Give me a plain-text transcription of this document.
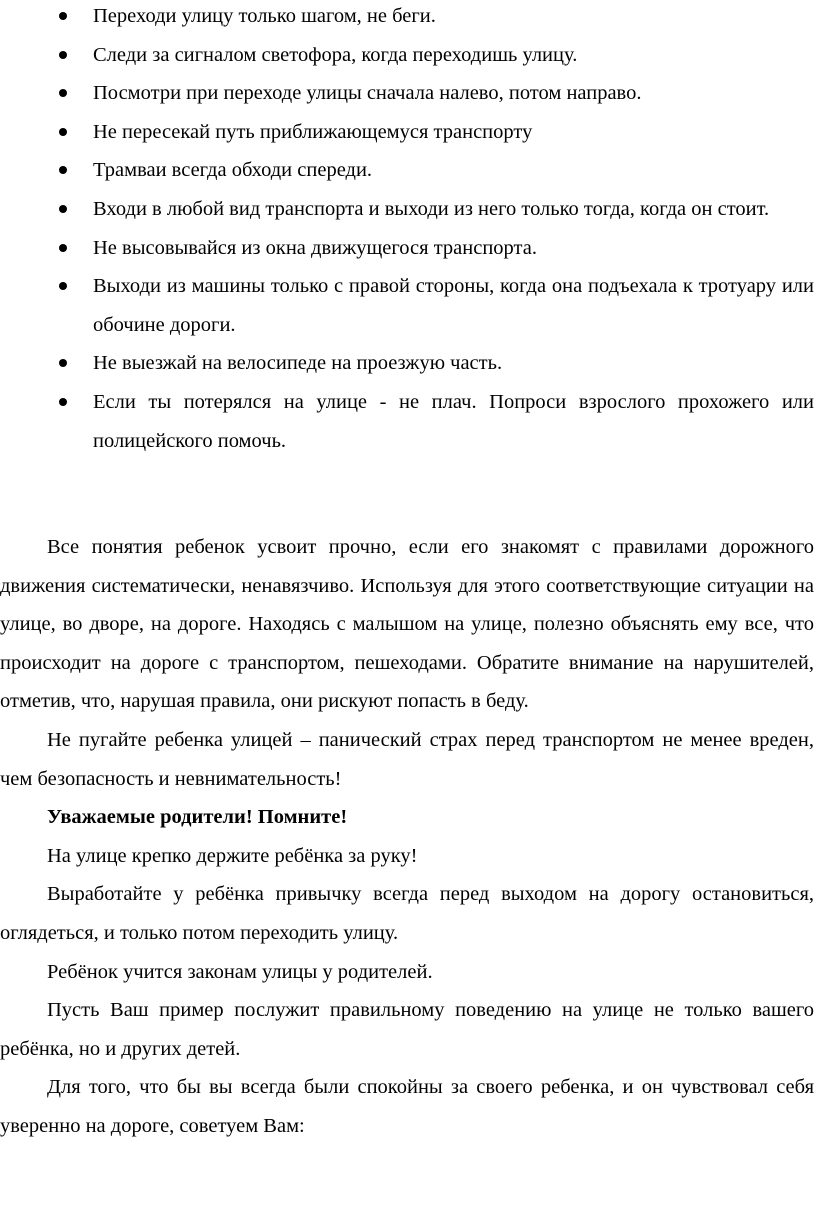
Переходи улицу только шагом, не беги.
Следи за сигналом светофора, когда переходишь улицу.
Посмотри при переходе улицы сначала налево, потом направо.
Не пересекай путь приближающемуся транспорту
Трамваи всегда обходи спереди.
Входи в любой вид транспорта и выходи из него только тогда, когда он стоит.
Не высовывайся из окна движущегося транспорта.
Выходи из машины только с правой стороны, когда она подъехала к тротуару или обочине дороги.
Не выезжай на велосипеде на проезжую часть.
Если ты потерялся на улице - не плач. Попроси взрослого прохожего или полицейского помочь.

Все понятия ребенок усвоит прочно, если его знакомят с правилами дорожного движения систематически, ненавязчиво. Используя для этого соответствующие ситуации на улице, во дворе, на дороге. Находясь с малышом на улице, полезно объяснять ему все, что происходит на дороге с транспортом, пешеходами. Обратите внимание на нарушителей, отметив, что, нарушая правила, они рискуют попасть в беду.

Не пугайте ребенка улицей – панический страх перед транспортом не менее вреден, чем безопасность и невнимательность!

Уважаемые родители! Помните!

На улице крепко держите ребёнка за руку!

Выработайте у ребёнка привычку всегда перед выходом на дорогу остановиться, оглядеться, и только потом переходить улицу.

Ребёнок учится законам улицы у родителей.

Пусть Ваш пример послужит правильному поведению на улице не только вашего ребёнка, но и других детей.

Для того, что бы вы всегда были спокойны за своего ребенка, и он чувствовал себя уверенно на дороге, советуем Вам:
